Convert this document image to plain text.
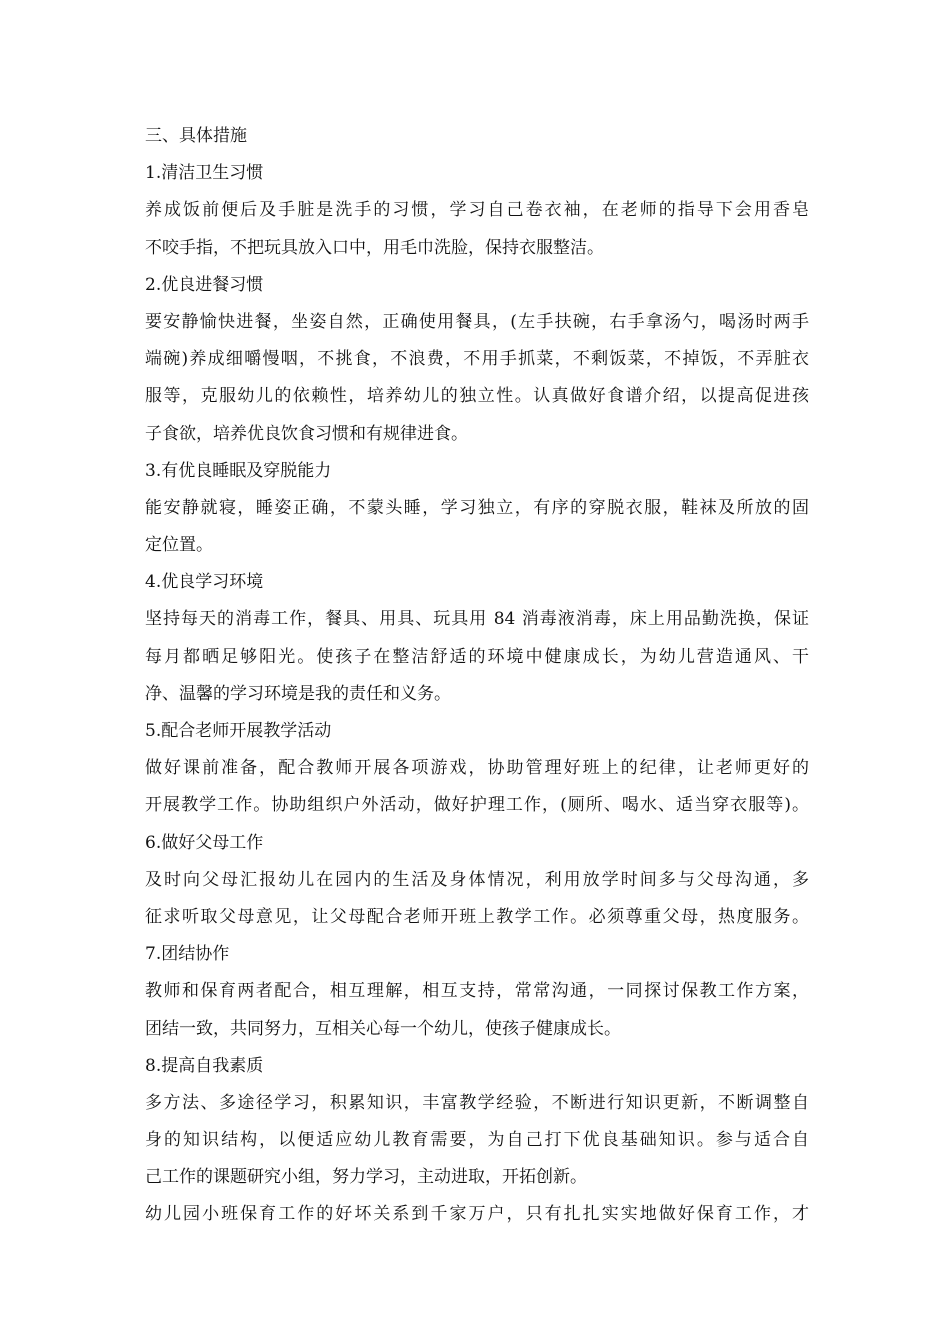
三、具体措施
1.清洁卫生习惯
养成饭前便后及手脏是洗手的习惯，学习自己卷衣袖，在老师的指导下会用香皂
不咬手指，不把玩具放入口中，用毛巾洗脸，保持衣服整洁。
2.优良进餐习惯
要安静愉快进餐，坐姿自然，正确使用餐具，(左手扶碗，右手拿汤勺，喝汤时两手
端碗)养成细嚼慢咽，不挑食，不浪费，不用手抓菜，不剩饭菜，不掉饭，不弄脏衣
服等，克服幼儿的依赖性，培养幼儿的独立性。认真做好食谱介绍，以提高促进孩
子食欲，培养优良饮食习惯和有规律进食。
3.有优良睡眠及穿脱能力
能安静就寝，睡姿正确，不蒙头睡，学习独立，有序的穿脱衣服，鞋袜及所放的固
定位置。
4.优良学习环境
坚持每天的消毒工作，餐具、用具、玩具用 84 消毒液消毒，床上用品勤洗换，保证
每月都晒足够阳光。使孩子在整洁舒适的环境中健康成长，为幼儿营造通风、干
净、温馨的学习环境是我的责任和义务。
5.配合老师开展教学活动
做好课前准备，配合教师开展各项游戏，协助管理好班上的纪律，让老师更好的
开展教学工作。协助组织户外活动，做好护理工作，(厕所、喝水、适当穿衣服等)。
6.做好父母工作
及时向父母汇报幼儿在园内的生活及身体情况，利用放学时间多与父母沟通，多
征求听取父母意见，让父母配合老师开班上教学工作。必须尊重父母，热度服务。
7.团结协作
教师和保育两者配合，相互理解，相互支持，常常沟通，一同探讨保教工作方案，
团结一致，共同努力，互相关心每一个幼儿，使孩子健康成长。
8.提高自我素质
多方法、多途径学习，积累知识，丰富教学经验，不断进行知识更新，不断调整自
身的知识结构，以便适应幼儿教育需要，为自己打下优良基础知识。参与适合自
己工作的课题研究小组，努力学习，主动进取，开拓创新。
幼儿园小班保育工作的好坏关系到千家万户，只有扎扎实实地做好保育工作，才
